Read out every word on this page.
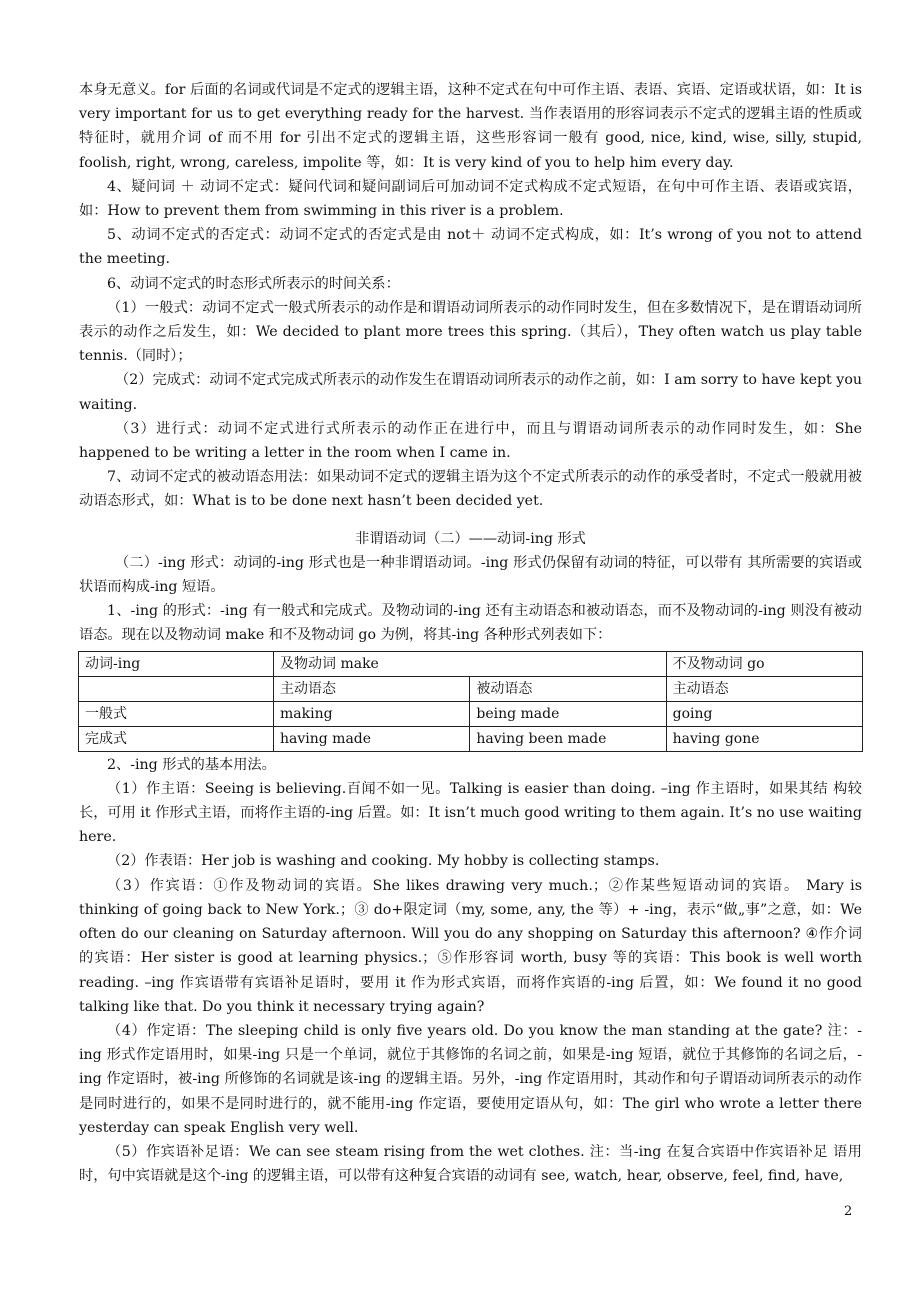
本身无意义。for 后面的名词或代词是不定式的逻辑主语，这种不定式在句中可作主语、表语、宾语、定语或状语，如：It is very important for us to get everything ready for the harvest. 当作表语用的形容词表示不定式的逻辑主语的性质或特征时，就用介词 of 而不用 for 引出不定式的逻辑主语，这些形容词一般有 good, nice, kind, wise, silly, stupid, foolish, right, wrong, careless, impolite 等，如：It is very kind of you to help him every day.

4、疑问词 ＋ 动词不定式：疑问代词和疑问副词后可加动词不定式构成不定式短语，在句中可作主语、表语或宾语，如：How to prevent them from swimming in this river is a problem.

5、动词不定式的否定式：动词不定式的否定式是由 not＋ 动词不定式构成，如：It’s wrong of you not to attend the meeting.

6、动词不定式的时态形式所表示的时间关系：

（1）一般式：动词不定式一般式所表示的动作是和谓语动词所表示的动作同时发生，但在多数情况下，是在谓语动词所表示的动作之后发生，如：We decided to plant more trees this spring.（其后），They often watch us play table tennis.（同时）；

（2）完成式：动词不定式完成式所表示的动作发生在谓语动词所表示的动作之前，如：I am sorry to have kept you waiting.

（3）进行式：动词不定式进行式所表示的动作正在进行中，而且与谓语动词所表示的动作同时发生，如：She happened to be writing a letter in the room when I came in.

7、动词不定式的被动语态用法：如果动词不定式的逻辑主语为这个不定式所表示的动作的承受者时，不定式一般就用被动语态形式，如：What is to be done next hasn’t been decided yet.

非谓语动词（二）——动词-ing 形式

（二）-ing 形式：动词的-ing 形式也是一种非谓语动词。-ing 形式仍保留有动词的特征，可以带有 其所需要的宾语或状语而构成-ing 短语。

1、-ing 的形式：-ing 有一般式和完成式。及物动词的-ing 还有主动语态和被动语态，而不及物动词的-ing 则没有被动语态。现在以及物动词 make 和不及物动词 go 为例，将其-ing 各种形式列表如下：

动词-ing	及物动词 make		不及物动词 go
	主动语态	被动语态	主动语态
一般式	making	being made	going
完成式	having made	having been made	having gone

2、-ing 形式的基本用法。

（1）作主语：Seeing is believing.百闻不如一见。Talking is easier than doing. –ing 作主语时，如果其结 构较长，可用 it 作形式主语，而将作主语的-ing 后置。如：It isn’t much good writing to them again. It’s no use waiting here.

（2）作表语：Her job is washing and cooking. My hobby is collecting stamps.

（3）作宾语：①作及物动词的宾语。She likes drawing very much.；②作某些短语动词的宾语。 Mary is thinking of going back to New York.；③ do+限定词（my, some, any, the 等）+ -ing，表示“做„事”之意，如：We often do our cleaning on Saturday afternoon. Will you do any shopping on Saturday this afternoon? ④作介词的宾语：Her sister is good at learning physics.；⑤作形容词 worth, busy 等的宾语：This book is well worth reading. –ing 作宾语带有宾语补足语时，要用 it 作为形式宾语，而将作宾语的-ing 后置，如：We found it no good talking like that. Do you think it necessary trying again?

（4）作定语：The sleeping child is only five years old. Do you know the man standing at the gate? 注：-ing 形式作定语用时，如果-ing 只是一个单词，就位于其修饰的名词之前，如果是-ing 短语，就位于其修饰的名词之后，-ing 作定语时，被-ing 所修饰的名词就是该-ing 的逻辑主语。另外，-ing 作定语用时，其动作和句子谓语动词所表示的动作是同时进行的，如果不是同时进行的，就不能用-ing 作定语，要使用定语从句，如：The girl who wrote a letter there yesterday can speak English very well.

（5）作宾语补足语：We can see steam rising from the wet clothes. 注：当-ing 在复合宾语中作宾语补足 语用时，句中宾语就是这个-ing 的逻辑主语，可以带有这种复合宾语的动词有 see, watch, hear, observe, feel, find, have,

2
